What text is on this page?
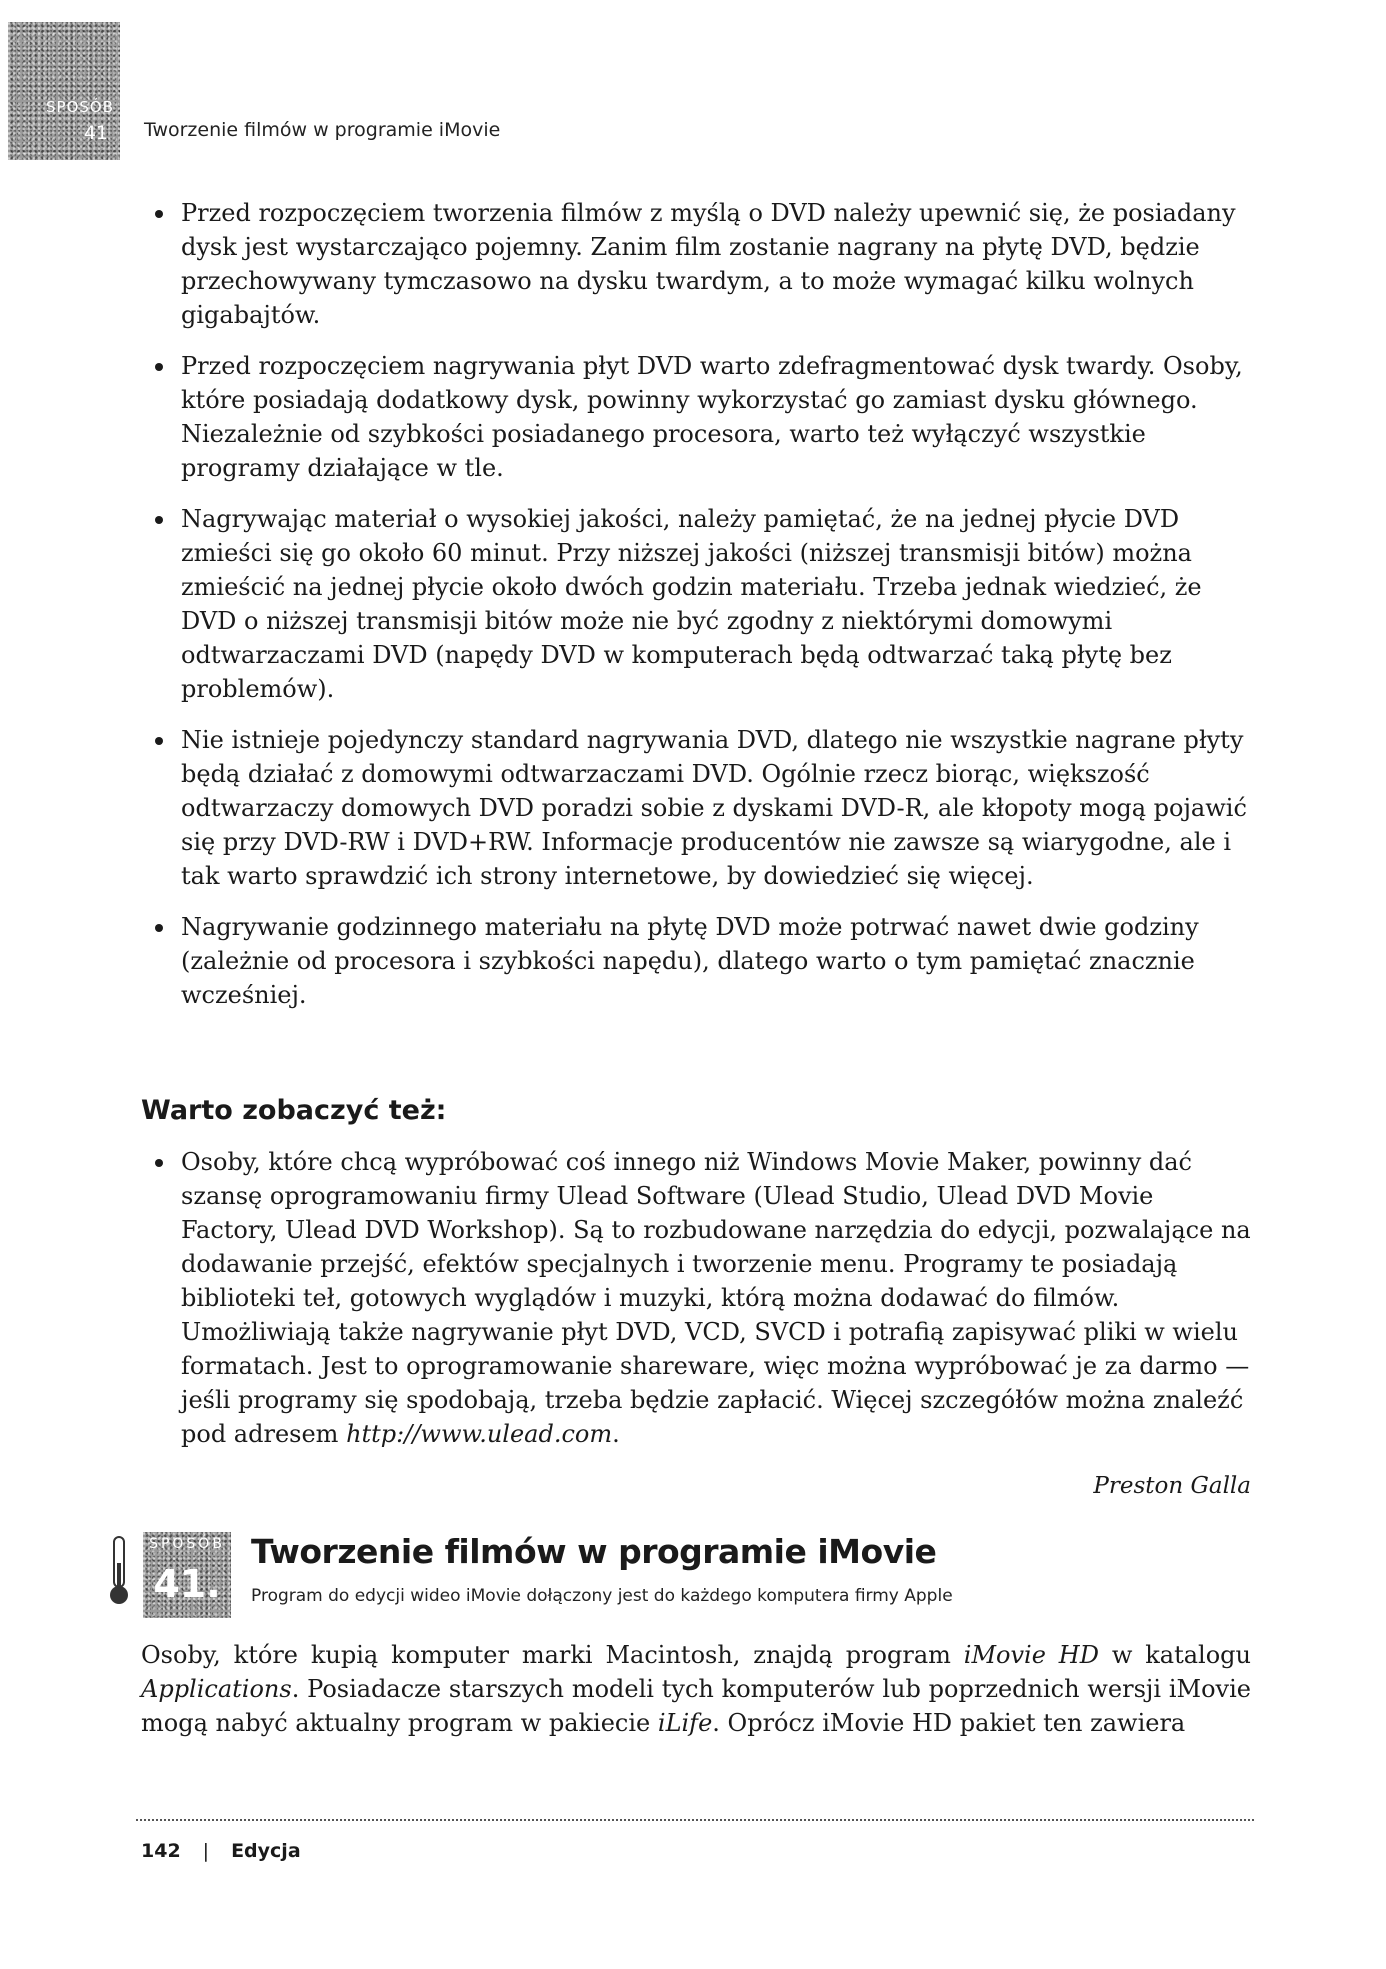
SPOSÓB
41	Tworzenie filmów w programie iMovie
Przed rozpoczęciem tworzenia filmów z myślą o DVD należy upewnić się, że posiadany dysk jest wystarczająco pojemny. Zanim film zostanie nagrany na płytę DVD, będzie przechowywany tymczasowo na dysku twardym, a to może wymagać kilku wolnych gigabajtów.
Przed rozpoczęciem nagrywania płyt DVD warto zdefragmentować dysk twardy. Osoby, które posiadają dodatkowy dysk, powinny wykorzystać go zamiast dysku głównego. Niezależnie od szybkości posiadanego procesora, warto też wyłączyć wszystkie programy działające w tle.
Nagrywając materiał o wysokiej jakości, należy pamiętać, że na jednej płycie DVD zmieści się go około 60 minut. Przy niższej jakości (niższej transmisji bitów) można zmieścić na jednej płycie około dwóch godzin materiału. Trzeba jednak wiedzieć, że DVD o niższej transmisji bitów może nie być zgodny z niektórymi domowymi odtwarzaczami DVD (napędy DVD w komputerach będą odtwarzać taką płytę bez problemów).
Nie istnieje pojedynczy standard nagrywania DVD, dlatego nie wszystkie nagrane płyty będą działać z domowymi odtwarzaczami DVD. Ogólnie rzecz biorąc, większość odtwarzaczy domowych DVD poradzi sobie z dyskami DVD-R, ale kłopoty mogą pojawić się przy DVD-RW i DVD+RW. Informacje producentów nie zawsze są wiarygodne, ale i tak warto sprawdzić ich strony internetowe, by dowiedzieć się więcej.
Nagrywanie godzinnego materiału na płytę DVD może potrwać nawet dwie godziny (zależnie od procesora i szybkości napędu), dlatego warto o tym pamiętać znacznie wcześniej.
Warto zobaczyć też:
Osoby, które chcą wypróbować coś innego niż Windows Movie Maker, powinny dać szansę oprogramowaniu firmy Ulead Software (Ulead Studio, Ulead DVD Movie Factory, Ulead DVD Workshop). Są to rozbudowane narzędzia do edycji, pozwalające na dodawanie przejść, efektów specjalnych i tworzenie menu. Programy te posiadają biblioteki teł, gotowych wyglądów i muzyki, którą można dodawać do filmów. Umożliwiają także nagrywanie płyt DVD, VCD, SVCD i potrafią zapisywać pliki w wielu formatach. Jest to oprogramowanie shareware, więc można wypróbować je za darmo — jeśli programy się spodobają, trzeba będzie zapłacić. Więcej szczegółów można znaleźć pod adresem http://www.ulead.com.
Preston Galla
SPOSÓB
41.
Tworzenie filmów w programie iMovie
Program do edycji wideo iMovie dołączony jest do każdego komputera firmy Apple
Osoby, które kupią komputer marki Macintosh, znajdą program iMovie HD w katalogu Applications. Posiadacze starszych modeli tych komputerów lub poprzednich wersji iMovie mogą nabyć aktualny program w pakiecie iLife. Oprócz iMovie HD pakiet ten zawiera
142 | Edycja
